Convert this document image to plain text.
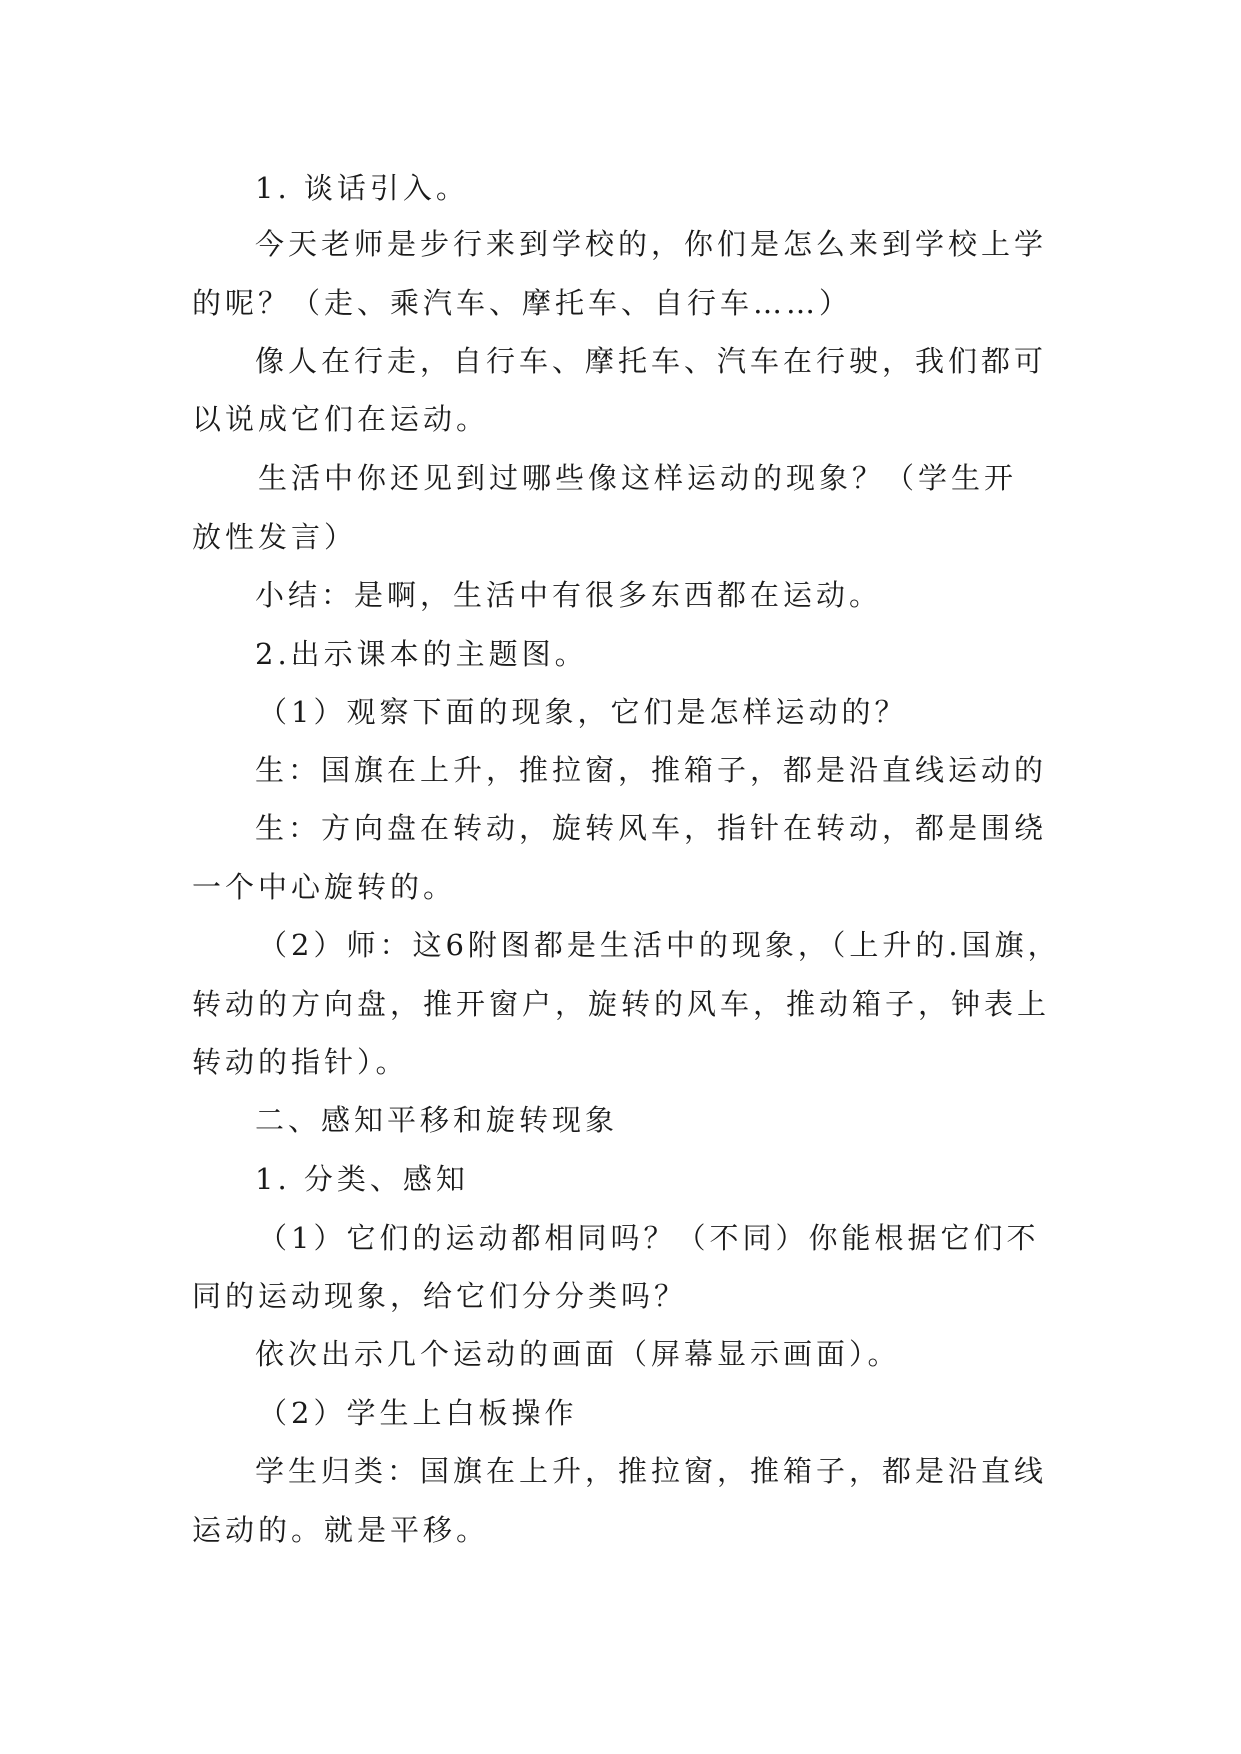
1. 谈话引入。
今天老师是步行来到学校的，你们是怎么来到学校上学
的呢？（走、乘汽车、摩托车、自行车……）
像人在行走，自行车、摩托车、汽车在行驶，我们都可
以说成它们在运动。
生活中你还见到过哪些像这样运动的现象？（学生开
放性发言）
小结：是啊，生活中有很多东西都在运动。
2.出示课本的主题图。
（1）观察下面的现象，它们是怎样运动的？
生：国旗在上升，推拉窗，推箱子，都是沿直线运动的
生：方向盘在转动，旋转风车，指针在转动，都是围绕
一个中心旋转的。
（2）师：这6附图都是生活中的现象，（上升的.国旗，
转动的方向盘，推开窗户，旋转的风车，推动箱子，钟表上
转动的指针）。
二、感知平移和旋转现象
1. 分类、感知
（1）它们的运动都相同吗？（不同）你能根据它们不
同的运动现象，给它们分分类吗？
依次出示几个运动的画面（屏幕显示画面）。
（2）学生上白板操作
学生归类：国旗在上升，推拉窗，推箱子，都是沿直线
运动的。就是平移。
